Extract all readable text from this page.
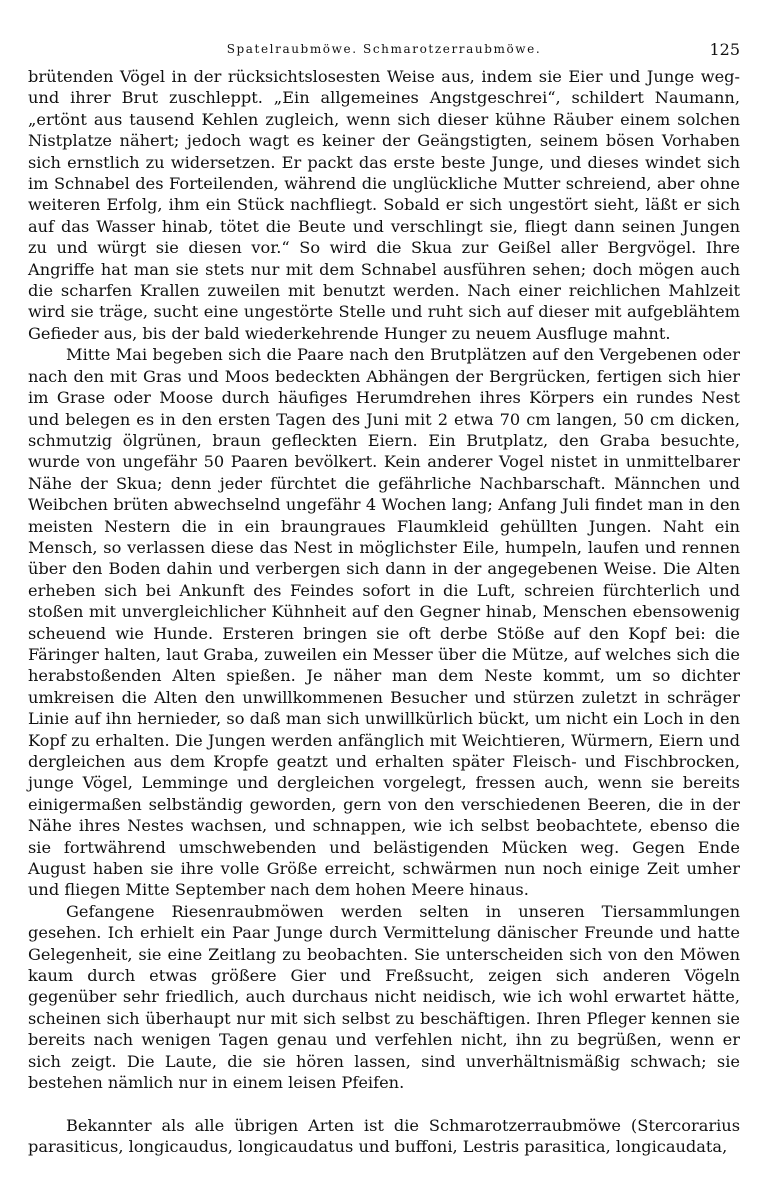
Spatelraubmöwe. Schmarotzerraubmöwe.	125

brütenden Vögel in der rücksichtslosesten Weise aus, indem sie Eier und Junge weg- und ihrer Brut zuschleppt. „Ein allgemeines Angstgeschrei“, schildert Naumann, „ertönt aus tausend Kehlen zugleich, wenn sich dieser kühne Räuber einem solchen Nistplatze nähert; jedoch wagt es keiner der Geängstigten, seinem bösen Vorhaben sich ernstlich zu widersetzen. Er packt das erste beste Junge, und dieses windet sich im Schnabel des Forteilenden, während die unglückliche Mutter schreiend, aber ohne weiteren Erfolg, ihm ein Stück nachfliegt. Sobald er sich ungestört sieht, läßt er sich auf das Wasser hinab, tötet die Beute und verschlingt sie, fliegt dann seinen Jungen zu und würgt sie diesen vor.“ So wird die Skua zur Geißel aller Bergvögel. Ihre Angriffe hat man sie stets nur mit dem Schnabel ausführen sehen; doch mögen auch die scharfen Krallen zuweilen mit benutzt werden. Nach einer reichlichen Mahlzeit wird sie träge, sucht eine ungestörte Stelle und ruht sich auf dieser mit aufgeblähtem Gefieder aus, bis der bald wiederkehrende Hunger zu neuem Ausfluge mahnt.

Mitte Mai begeben sich die Paare nach den Brutplätzen auf den Vergebenen oder nach den mit Gras und Moos bedeckten Abhängen der Bergrücken, fertigen sich hier im Grase oder Moose durch häufiges Herumdrehen ihres Körpers ein rundes Nest und belegen es in den ersten Tagen des Juni mit 2 etwa 70 cm langen, 50 cm dicken, schmutzig ölgrünen, braun gefleckten Eiern. Ein Brutplatz, den Graba besuchte, wurde von ungefähr 50 Paaren bevölkert. Kein anderer Vogel nistet in unmittelbarer Nähe der Skua; denn jeder fürchtet die gefährliche Nachbarschaft. Männchen und Weibchen brüten abwechselnd ungefähr 4 Wochen lang; Anfang Juli findet man in den meisten Nestern die in ein braungraues Flaumkleid gehüllten Jungen. Naht ein Mensch, so verlassen diese das Nest in möglichster Eile, humpeln, laufen und rennen über den Boden dahin und verbergen sich dann in der angegebenen Weise. Die Alten erheben sich bei Ankunft des Feindes sofort in die Luft, schreien fürchterlich und stoßen mit unvergleichlicher Kühnheit auf den Gegner hinab, Menschen ebensowenig scheuend wie Hunde. Ersteren bringen sie oft derbe Stöße auf den Kopf bei: die Färinger halten, laut Graba, zuweilen ein Messer über die Mütze, auf welches sich die herabstoßenden Alten spießen. Je näher man dem Neste kommt, um so dichter umkreisen die Alten den unwillkommenen Besucher und stürzen zuletzt in schräger Linie auf ihn hernieder, so daß man sich unwillkürlich bückt, um nicht ein Loch in den Kopf zu erhalten. Die Jungen werden anfänglich mit Weichtieren, Würmern, Eiern und dergleichen aus dem Kropfe geatzt und erhalten später Fleisch- und Fischbrocken, junge Vögel, Lemminge und dergleichen vorgelegt, fressen auch, wenn sie bereits einigermaßen selbständig geworden, gern von den verschiedenen Beeren, die in der Nähe ihres Nestes wachsen, und schnappen, wie ich selbst beobachtete, ebenso die sie fortwährend umschwebenden und belästigenden Mücken weg. Gegen Ende August haben sie ihre volle Größe erreicht, schwärmen nun noch einige Zeit umher und fliegen Mitte September nach dem hohen Meere hinaus.

Gefangene Riesenraubmöwen werden selten in unseren Tiersammlungen gesehen. Ich erhielt ein Paar Junge durch Vermittelung dänischer Freunde und hatte Gelegenheit, sie eine Zeitlang zu beobachten. Sie unterscheiden sich von den Möwen kaum durch etwas größere Gier und Freßsucht, zeigen sich anderen Vögeln gegenüber sehr friedlich, auch durchaus nicht neidisch, wie ich wohl erwartet hätte, scheinen sich überhaupt nur mit sich selbst zu beschäftigen. Ihren Pfleger kennen sie bereits nach wenigen Tagen genau und verfehlen nicht, ihn zu begrüßen, wenn er sich zeigt. Die Laute, die sie hören lassen, sind unverhältnismäßig schwach; sie bestehen nämlich nur in einem leisen Pfeifen.

Bekannter als alle übrigen Arten ist die Schmarotzerraubmöwe (Stercorarius parasiticus, longicaudus, longicaudatus und buffoni, Lestris parasitica, longicaudata,
